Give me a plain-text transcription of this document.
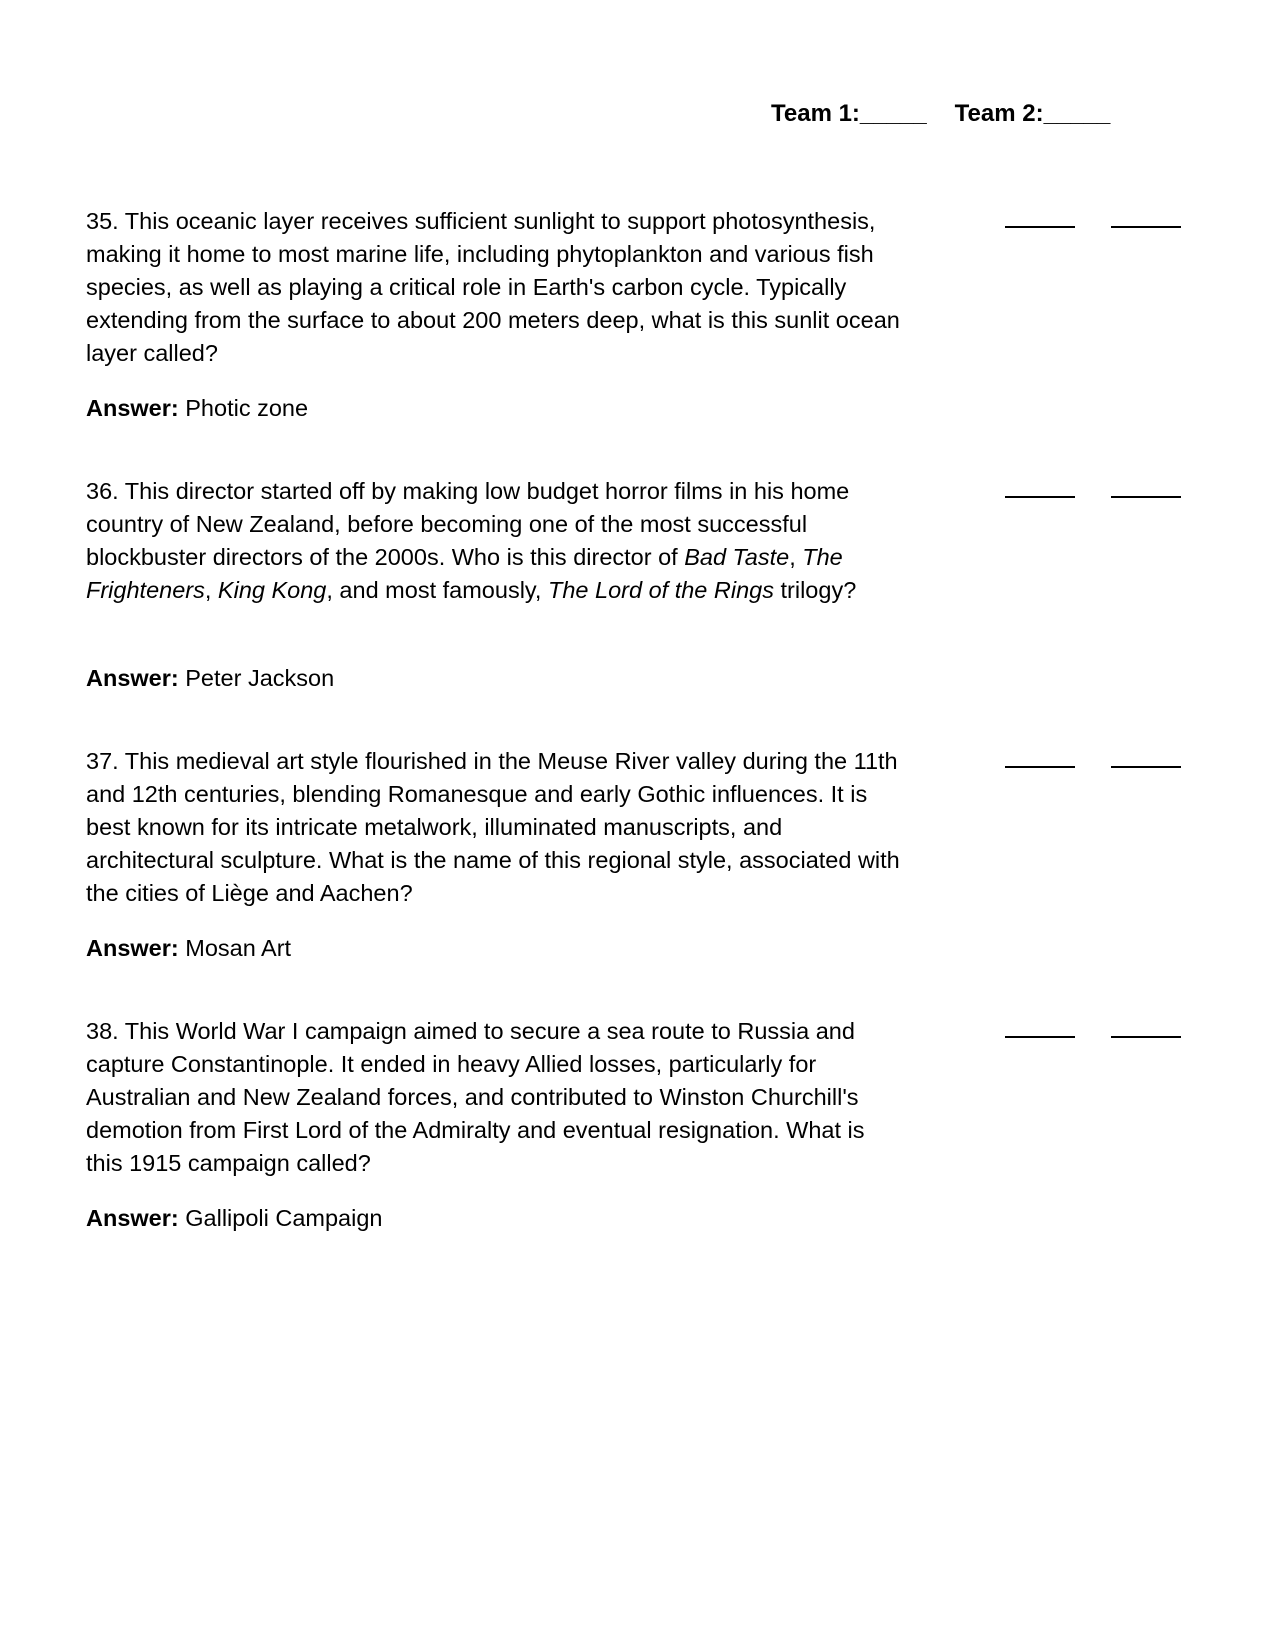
Team 1:_____ Team 2:_____

35. This oceanic layer receives sufficient sunlight to support photosynthesis, making it home to most marine life, including phytoplankton and various fish species, as well as playing a critical role in Earth's carbon cycle. Typically extending from the surface to about 200 meters deep, what is this sunlit ocean layer called?

Answer: Photic zone

36. This director started off by making low budget horror films in his home country of New Zealand, before becoming one of the most successful blockbuster directors of the 2000s. Who is this director of Bad Taste, The Frighteners, King Kong, and most famously, The Lord of the Rings trilogy?

Answer: Peter Jackson

37. This medieval art style flourished in the Meuse River valley during the 11th and 12th centuries, blending Romanesque and early Gothic influences. It is best known for its intricate metalwork, illuminated manuscripts, and architectural sculpture. What is the name of this regional style, associated with the cities of Liège and Aachen?

Answer: Mosan Art

38. This World War I campaign aimed to secure a sea route to Russia and capture Constantinople. It ended in heavy Allied losses, particularly for Australian and New Zealand forces, and contributed to Winston Churchill's demotion from First Lord of the Admiralty and eventual resignation. What is this 1915 campaign called?

Answer: Gallipoli Campaign
